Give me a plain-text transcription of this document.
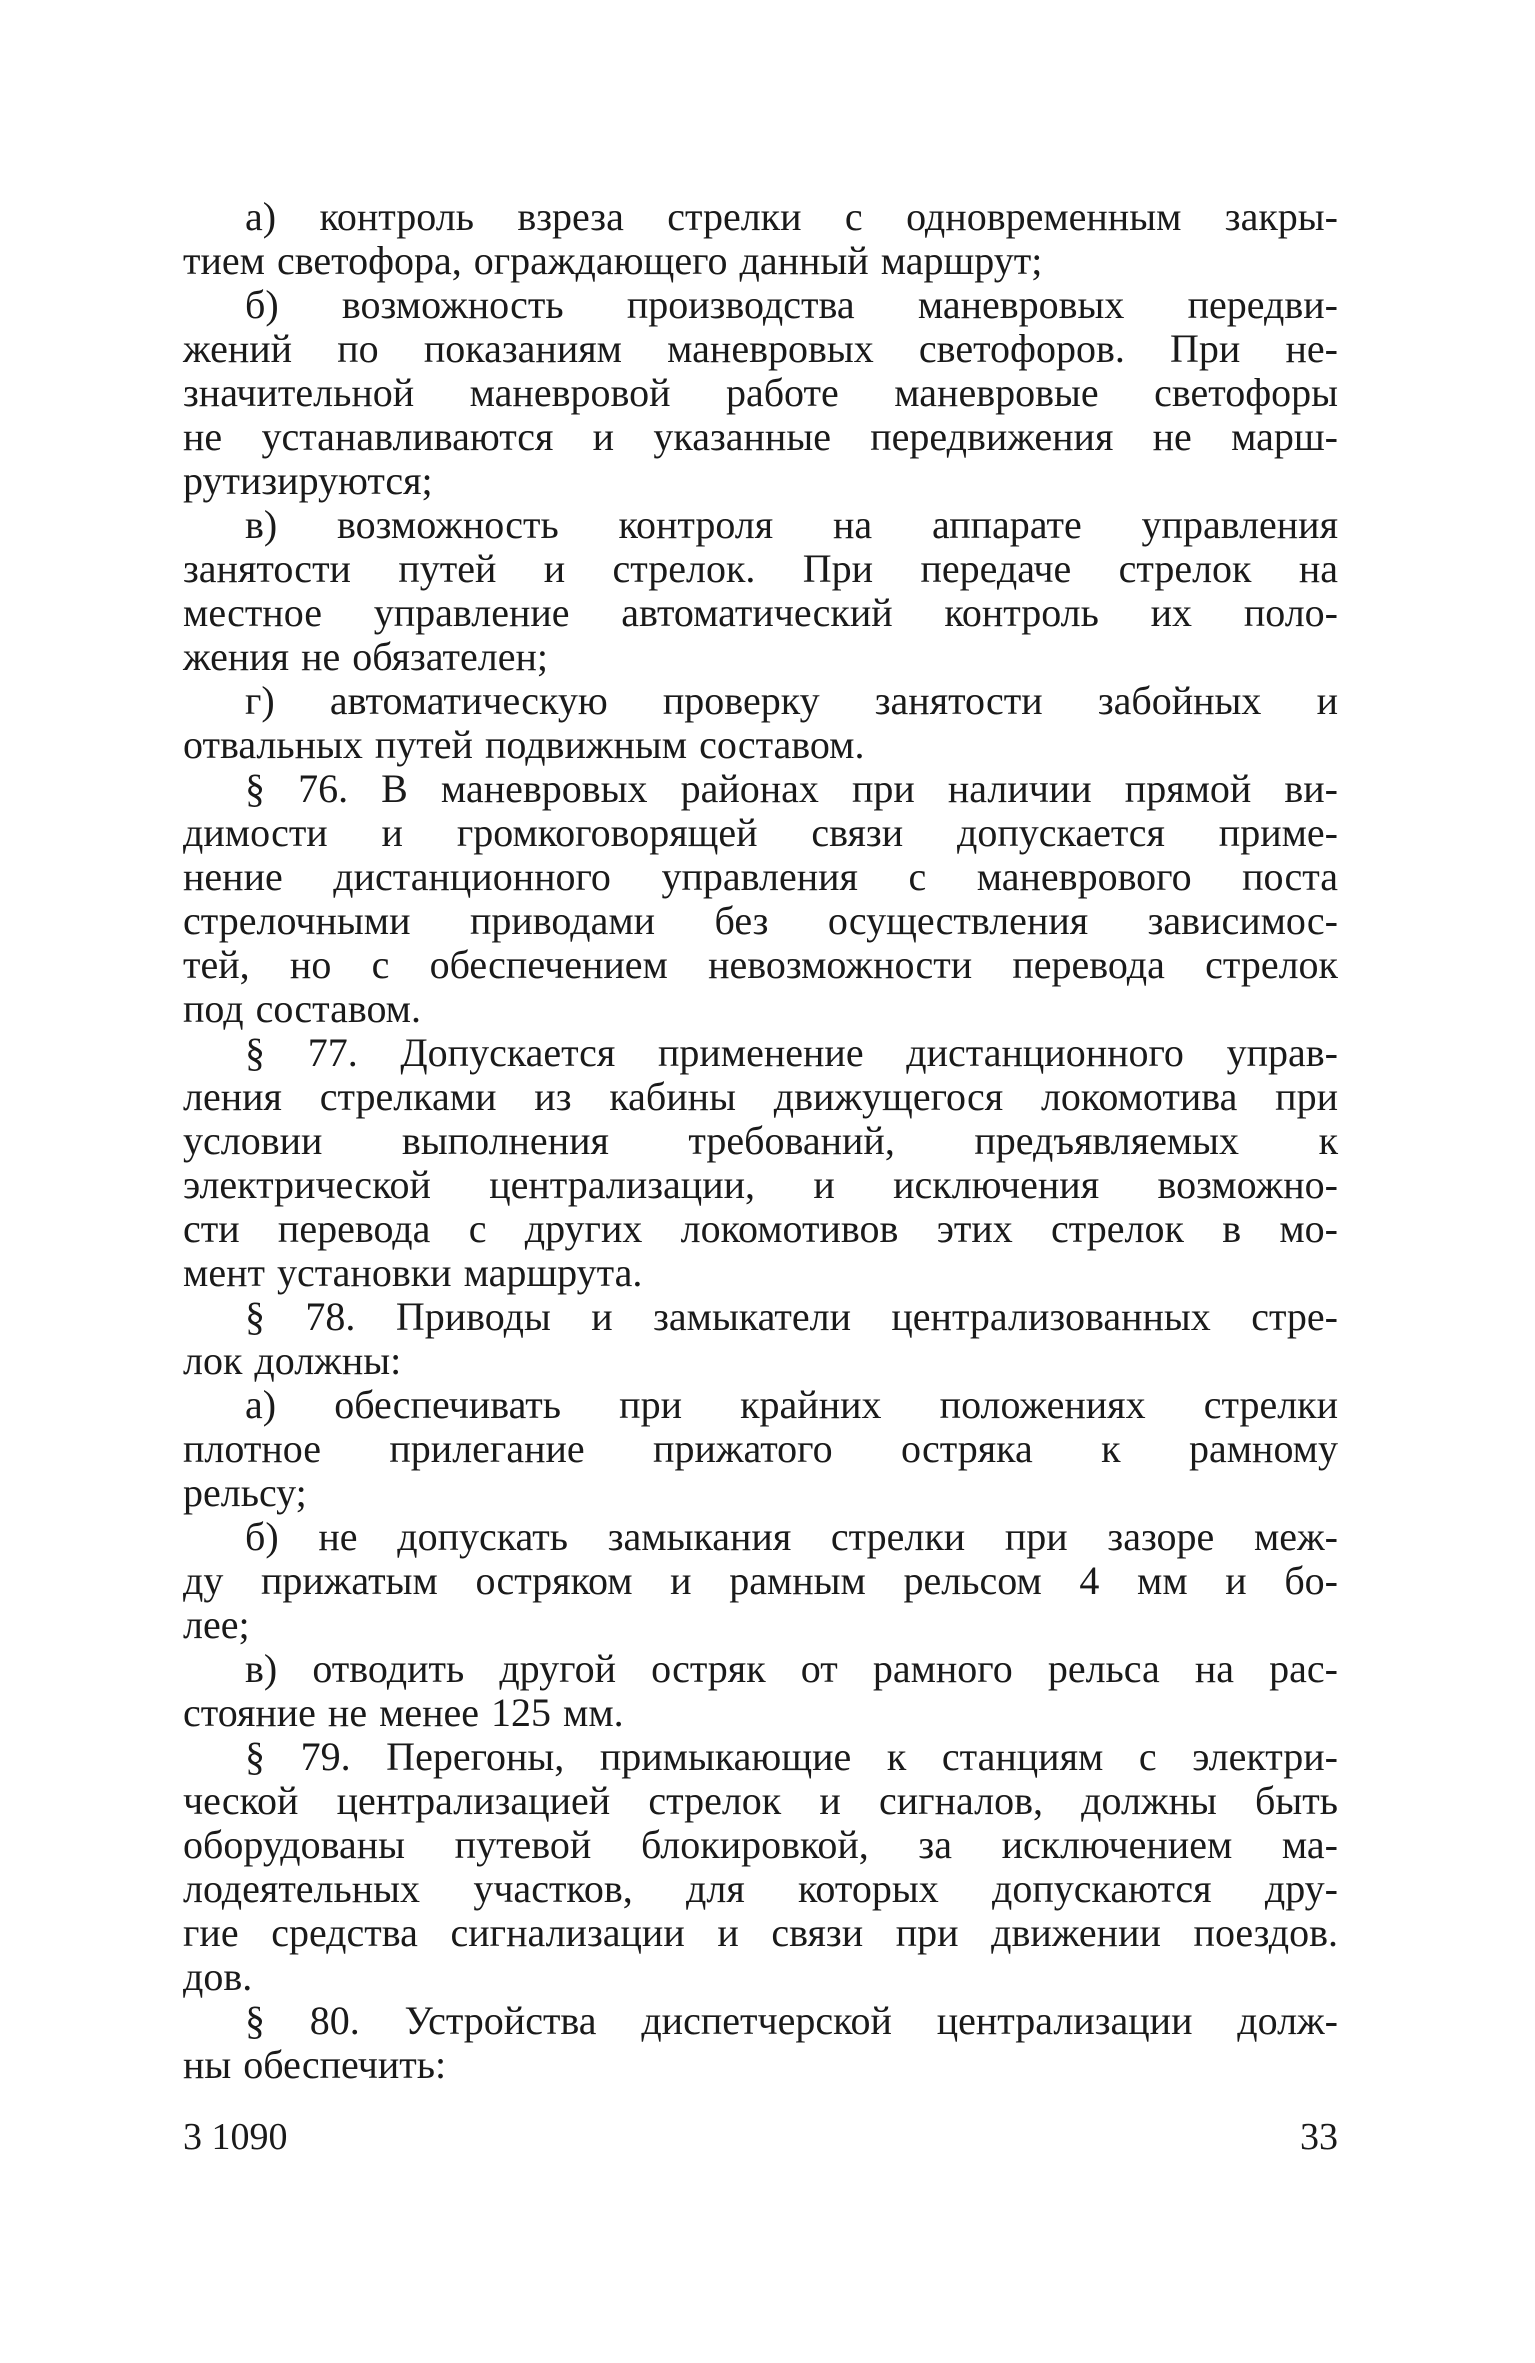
а) контроль взреза стрелки с одновременным закры-
тием светофора, ограждающего данный маршрут;
б) возможность производства маневровых передви-
жений по показаниям маневровых светофоров. При не-
значительной маневровой работе маневровые светофоры
не устанавливаются и указанные передвижения не марш-
рутизируются;
в) возможность контроля на аппарате управления
занятости путей и стрелок. При передаче стрелок на
местное управление автоматический контроль их поло-
жения не обязателен;
г) автоматическую проверку занятости забойных и
отвальных путей подвижным составом.
§ 76. В маневровых районах при наличии прямой ви-
димости и громкоговорящей связи допускается приме-
нение дистанционного управления с маневрового поста
стрелочными приводами без осуществления зависимос-
тей, но с обеспечением невозможности перевода стрелок
под составом.
§ 77. Допускается применение дистанционного управ-
ления стрелками из кабины движущегося локомотива при
условии выполнения требований, предъявляемых к
электрической централизации, и исключения возможно-
сти перевода с других локомотивов этих стрелок в мо-
мент установки маршрута.
§ 78. Приводы и замыкатели централизованных стре-
лок должны:
а) обеспечивать при крайних положениях стрелки
плотное прилегание прижатого остряка к рамному
рельсу;
б) не допускать замыкания стрелки при зазоре меж-
ду прижатым остряком и рамным рельсом 4 мм и бо-
лее;
в) отводить другой остряк от рамного рельса на рас-
стояние не менее 125 мм.
§ 79. Перегоны, примыкающие к станциям с электри-
ческой централизацией стрелок и сигналов, должны быть
оборудованы путевой блокировкой, за исключением ма-
лодеятельных участков, для которых допускаются дру-
гие средства сигнализации и связи при движении поездов.
дов.
§ 80. Устройства диспетчерской централизации долж-
ны обеспечить:
3 1090	33
